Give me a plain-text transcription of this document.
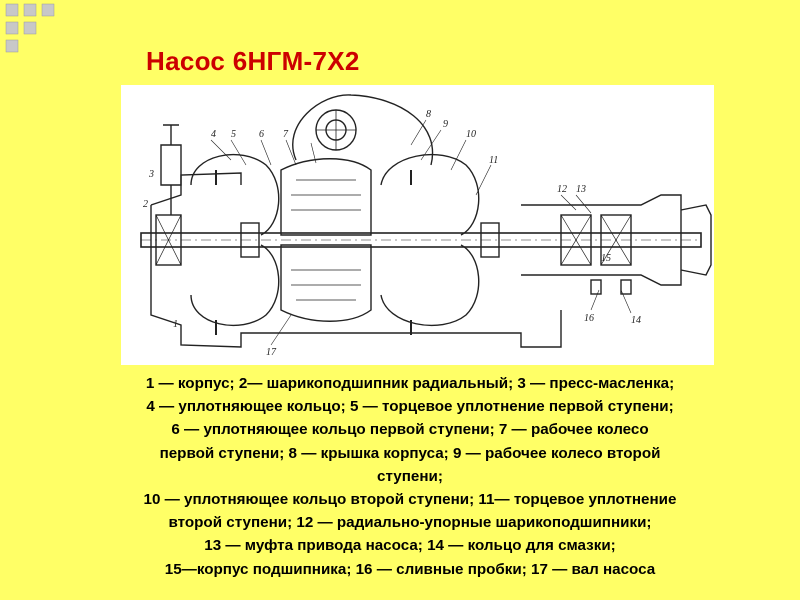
Насос 6НГМ-7Х2
3
2
1
4 5 6 7
8
9
10
11
12 13
14
15
16
17
1 — корпус; 2— шарикоподшипник радиальный; 3 — пресс-масленка;
4 — уплотняющее кольцо; 5 — торцевое уплотнение первой ступени;
6 — уплотняющее кольцо первой ступени; 7 — рабочее колесо
первой ступени; 8 — крышка корпуса; 9 — рабочее колесо второй
ступени;
10 — уплотняющее кольцо второй ступени; 11— торцевое уплотнение
второй ступени; 12 — радиально-упорные шарикоподшипники;
13 — муфта привода насоса; 14 — кольцо для смазки;
15—корпус подшипника; 16 — сливные пробки; 17 — вал насоса
